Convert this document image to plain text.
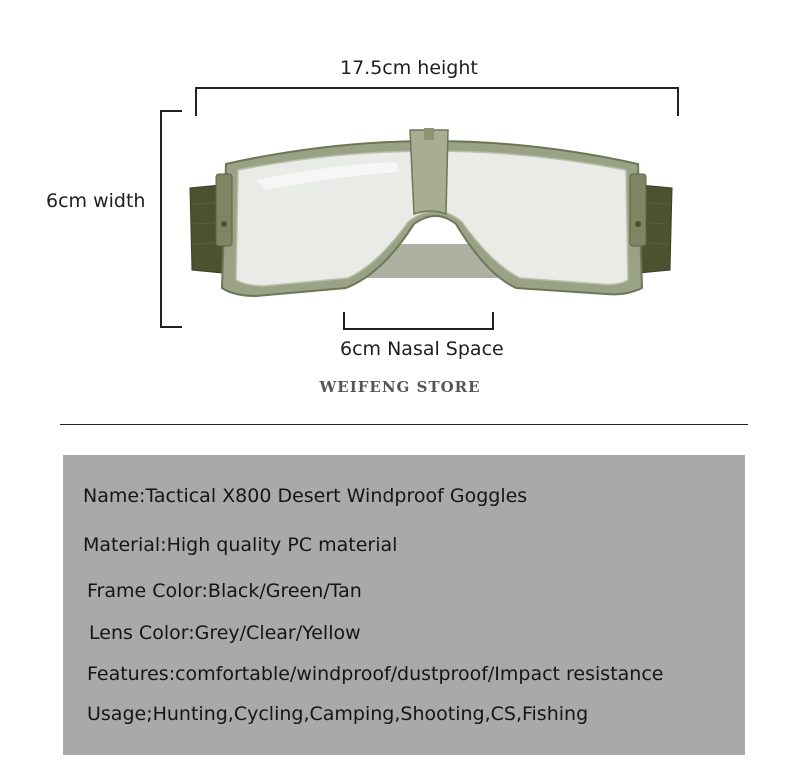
17.5cm height
6cm width
6cm Nasal Space
WEIFENG STORE
Name:Tactical X800 Desert Windproof Goggles
Material:High quality PC material
Frame Color:Black/Green/Tan
Lens Color:Grey/Clear/Yellow
Features:comfortable/windproof/dustproof/Impact resistance
Usage;Hunting,Cycling,Camping,Shooting,CS,Fishing
